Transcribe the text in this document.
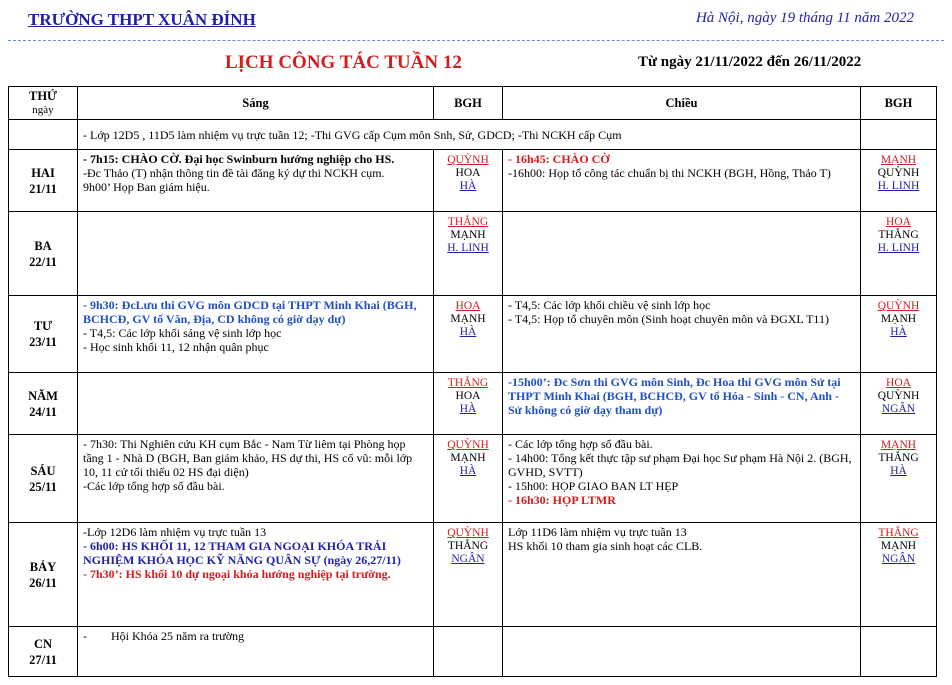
TRƯỜNG THPT XUÂN ĐỈNH	Hà Nội, ngày 19 tháng 11 năm 2022
LỊCH CÔNG TÁC TUẦN 12	Từ ngày 21/11/2022 đến 26/11/2022
THỨ
ngày	Sáng	BGH	Chiều	BGH
	- Lớp 12D5 , 11D5 làm nhiệm vụ trực tuần 12; -Thi GVG cấp Cụm môn Snh, Sử, GDCD; -Thi NCKH cấp Cụm			

HAI
21/11	- 7h15: CHÀO CỜ. Đại học Swinburn hướng nghiệp cho HS.
-Đc Thảo (T) nhận thông tin đề tài đăng ký dự thi NCKH cụm.
9h00’ Họp Ban giám hiệu.	QUỲNH
HOA
HÀ	- 16h45: CHÀO CỜ
-16h00: Họp tổ công tác chuẩn bị thi NCKH (BGH, Hồng, Thảo T)	MẠNH
QUỲNH
H. LINH

BA
22/11		THẮNG
MẠNH
H. LINH		HOA
THẮNG
H. LINH

TƯ
23/11	- 9h30: ĐcLưu thi GVG môn GDCD tại THPT Minh Khai (BGH, BCHCĐ, GV tổ Văn, Địa, CD không có giờ dạy dự)
- T4,5: Các lớp khối sáng vệ sinh lớp học
- Học sinh khối 11, 12 nhận quân phục	HOA
MẠNH
HÀ	- T4,5: Các lớp khối chiều vệ sinh lớp học
- T4,5: Họp tổ chuyên môn (Sinh hoạt chuyên môn và ĐGXL T11)	QUỲNH
MẠNH
HÀ

NĂM
24/11		THẮNG
HOA
HÀ	-15h00’: Đc Sơn thi GVG môn Sinh, Đc Hoa thi GVG môn Sử tại THPT Minh Khai (BGH, BCHCĐ, GV tổ Hóa - Sinh - CN, Anh - Sử không có giờ dạy tham dự)	HOA
QUỲNH
NGÂN

SÁU
25/11	- 7h30: Thi Nghiên cứu KH cụm Bắc - Nam Từ liêm tại Phòng họp tầng 1 - Nhà D (BGH, Ban giám khảo, HS dự thi, HS cổ vũ: mỗi lớp 10, 11 cử tối thiểu 02 HS đại diện)
-Các lớp tổng hợp sổ đầu bài.	QUỲNH
MẠNH
HÀ	- Các lớp tổng hợp sổ đầu bài.
- 14h00: Tổng kết thực tập sư phạm Đại học Sư phạm Hà Nội 2. (BGH, GVHD, SVTT)
- 15h00: HỌP GIAO BAN LT HẸP
- 16h30: HỌP LTMR	MẠNH
THẮNG
HÀ

BẢY
26/11	-Lớp 12D6 làm nhiệm vụ trực tuần 13
- 6h00: HS KHỐI 11, 12 THAM GIA NGOẠI KHÓA TRẢI NGHIỆM KHÓA HỌC KỸ NĂNG QUÂN SỰ (ngày 26,27/11)
- 7h30’: HS khối 10 dự ngoại khóa hướng nghiệp tại trường.	QUỲNH
THẮNG
NGÂN	Lớp 11D6 làm nhiệm vụ trực tuần 13
HS khối 10 tham gia sinh hoạt các CLB.	THẮNG
MẠNH
NGÂN

CN
27/11	-        Hội Khóa 25 năm ra trường			
